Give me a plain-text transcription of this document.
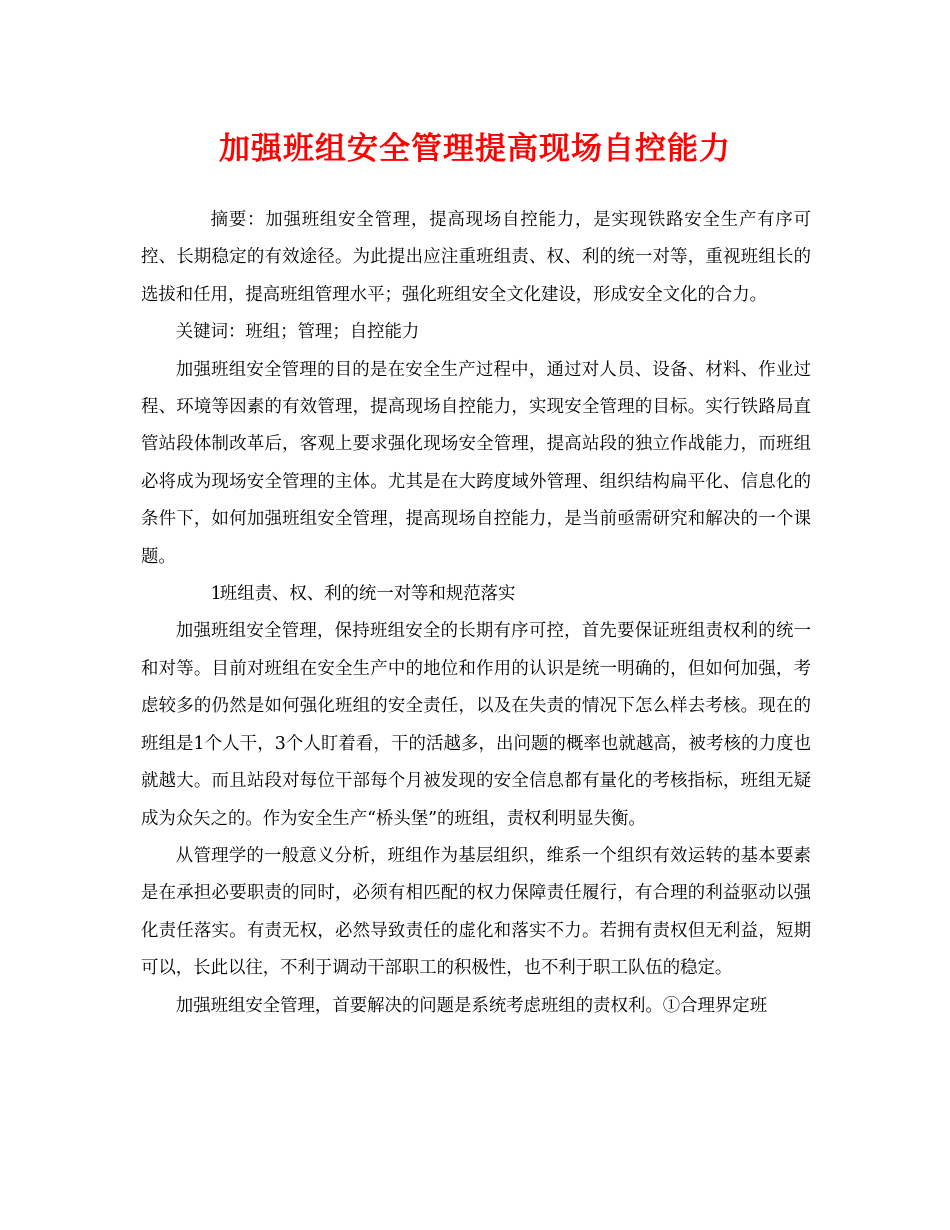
加强班组安全管理提高现场自控能力

摘要：加强班组安全管理，提高现场自控能力，是实现铁路安全生产有序可控、长期稳定的有效途径。为此提出应注重班组责、权、利的统一对等，重视班组长的选拔和任用，提高班组管理水平；强化班组安全文化建设，形成安全文化的合力。

关键词：班组；管理；自控能力

加强班组安全管理的目的是在安全生产过程中，通过对人员、设备、材料、作业过程、环境等因素的有效管理，提高现场自控能力，实现安全管理的目标。实行铁路局直管站段体制改革后，客观上要求强化现场安全管理，提高站段的独立作战能力，而班组必将成为现场安全管理的主体。尤其是在大跨度域外管理、组织结构扁平化、信息化的条件下，如何加强班组安全管理，提高现场自控能力，是当前亟需研究和解决的一个课题。

1班组责、权、利的统一对等和规范落实

加强班组安全管理，保持班组安全的长期有序可控，首先要保证班组责权利的统一和对等。目前对班组在安全生产中的地位和作用的认识是统一明确的，但如何加强，考虑较多的仍然是如何强化班组的安全责任，以及在失责的情况下怎么样去考核。现在的班组是1个人干，3个人盯着看，干的活越多，出问题的概率也就越高，被考核的力度也就越大。而且站段对每位干部每个月被发现的安全信息都有量化的考核指标，班组无疑成为众矢之的。作为安全生产“桥头堡”的班组，责权利明显失衡。

从管理学的一般意义分析，班组作为基层组织，维系一个组织有效运转的基本要素是在承担必要职责的同时，必须有相匹配的权力保障责任履行，有合理的利益驱动以强化责任落实。有责无权，必然导致责任的虚化和落实不力。若拥有责权但无利益，短期可以，长此以往，不利于调动干部职工的积极性，也不利于职工队伍的稳定。

加强班组安全管理，首要解决的问题是系统考虑班组的责权利。①合理界定班
